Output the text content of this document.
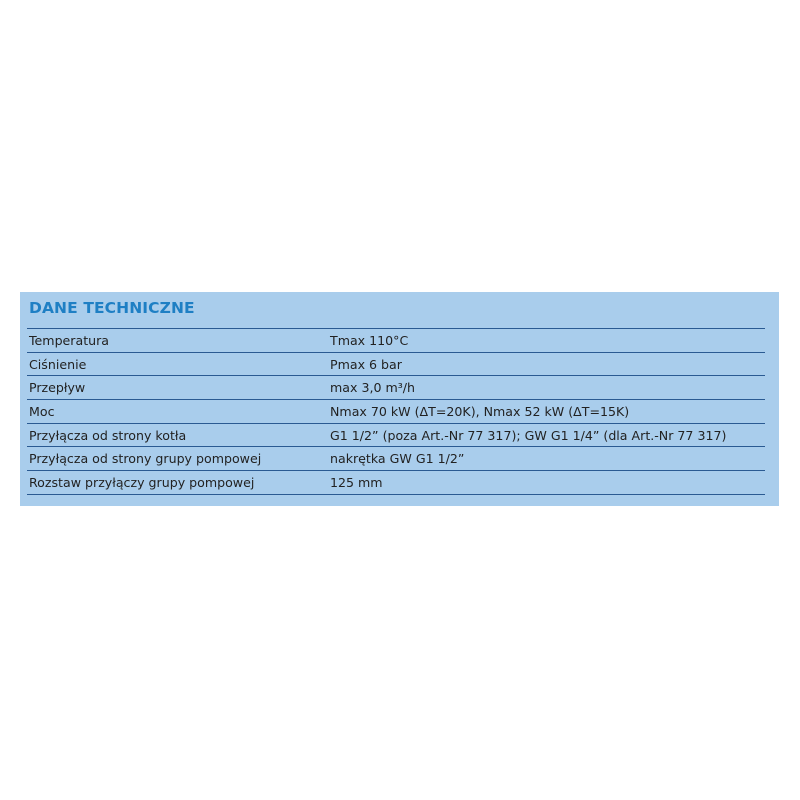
DANE TECHNICZNE
Temperatura	Tmax 110°C
Ciśnienie	Pmax 6 bar
Przepływ	max 3,0 m³/h
Moc	Nmax 70 kW (ΔT=20K), Nmax 52 kW (ΔT=15K)
Przyłącza od strony kotła	G1 1/2” (poza Art.-Nr 77 317); GW G1 1/4” (dla Art.-Nr 77 317)
Przyłącza od strony grupy pompowej	nakrętka GW G1 1/2”
Rozstaw przyłączy grupy pompowej	125 mm
